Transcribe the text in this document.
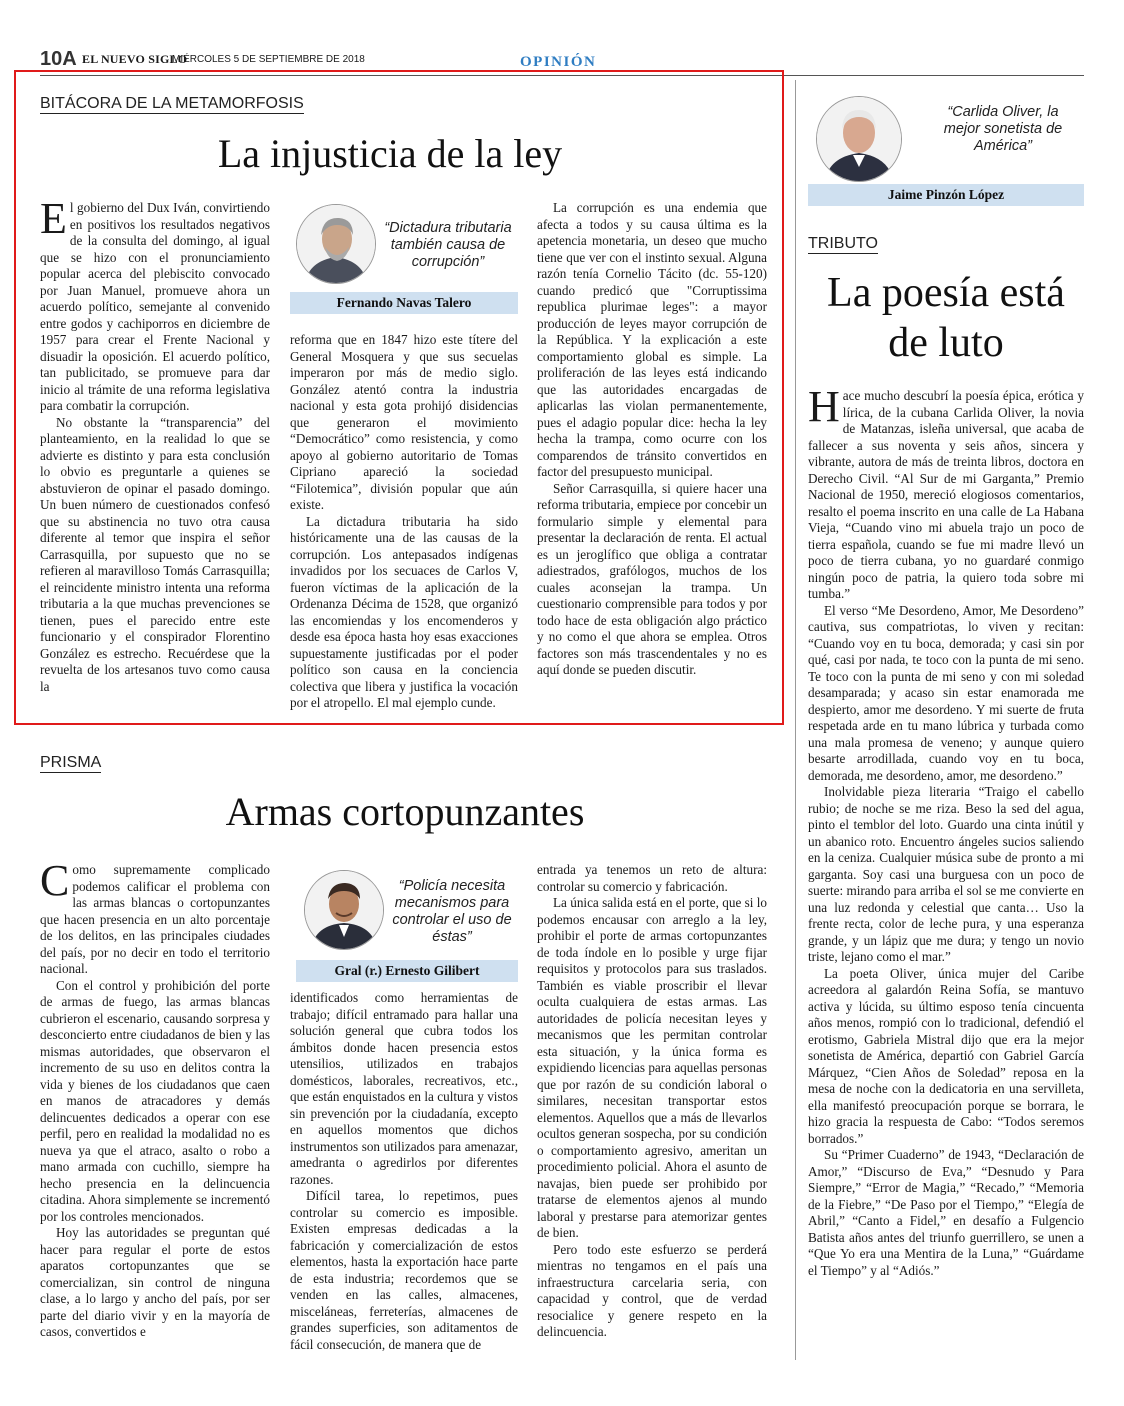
10A EL NUEVO SIGLO
MIÉRCOLES 5 DE SEPTIEMBRE DE 2018	OPINIÓN
BITÁCORA DE LA METAMORFOSIS
La injusticia de la ley

El gobierno del Dux Iván, convirtiendo en positivos los resultados negativos de la consulta del domingo, al igual que se hizo con el pronunciamiento popular acerca del plebiscito convocado por Juan Manuel, promueve ahora un acuerdo político, semejante al convenido entre godos y cachiporros en diciembre de 1957 para crear el Frente Nacional y disuadir la oposición. El acuerdo político, tan publicitado, se promueve para dar inicio al trámite de una reforma legislativa para combatir la corrupción.

No obstante la “transparencia” del planteamiento, en la realidad lo que se advierte es distinto y para esta conclusión lo obvio es preguntarle a quienes se abstuvieron de opinar el pasado domingo. Un buen número de cuestionados confesó que su abstinencia no tuvo otra causa diferente al temor que inspira el señor Carrasquilla, por supuesto que no se refieren al maravilloso Tomás Carrasquilla; el reincidente ministro intenta una reforma tributaria a la que muchas prevenciones se tienen, pues el parecido entre este funcionario y el conspirador Florentino González es estrecho. Recuérdese que la revuelta de los artesanos tuvo como causa la

“Dictadura tributaria también causa de corrupción”
Fernando Navas Talero

reforma que en 1847 hizo este títere del General Mosquera y que sus secuelas imperaron por más de medio siglo. González atentó contra la industria nacional y esta gota prohijó disidencias que generaron el movimiento “Democrático” como resistencia, y como apoyo al gobierno autoritario de Tomas Cipriano apareció la sociedad “Filotemica”, división popular que aún existe.

La dictadura tributaria ha sido históricamente una de las causas de la corrupción. Los antepasados indígenas invadidos por los secuaces de Carlos V, fueron víctimas de la aplicación de la Ordenanza Décima de 1528, que organizó las encomiendas y los encomenderos y desde esa época hasta hoy esas exacciones supuestamente justificadas por el poder político son causa en la conciencia colectiva que libera y justifica la vocación por el atropello. El mal ejemplo cunde.

La corrupción es una endemia que afecta a todos y su causa última es la apetencia monetaria, un deseo que mucho tiene que ver con el instinto sexual. Alguna razón tenía Cornelio Tácito (dc. 55-120) cuando predicó que "Corruptissima republica plurimae leges": a mayor producción de leyes mayor corrupción de la República. Y la explicación a este comportamiento global es simple. La proliferación de las leyes está indicando que las autoridades encargadas de aplicarlas las violan permanentemente, pues el adagio popular dice: hecha la ley hecha la trampa, como ocurre con los comparendos de tránsito convertidos en factor del presupuesto municipal.

Señor Carrasquilla, si quiere hacer una reforma tributaria, empiece por concebir un formulario simple y elemental para presentar la declaración de renta. El actual es un jeroglífico que obliga a contratar adiestrados, grafólogos, muchos de los cuales aconsejan la trampa. Un cuestionario comprensible para todos y por todo hace de esta obligación algo práctico y no como el que ahora se emplea. Otros factores son más trascendentales y no es aquí donde se pueden discutir.

PRISMA
Armas cortopunzantes

Como supremamente complicado podemos calificar el problema con las armas blancas o cortopunzantes que hacen presencia en un alto porcentaje de los delitos, en las principales ciudades del país, por no decir en todo el territorio nacional.

Con el control y prohibición del porte de armas de fuego, las armas blancas cubrieron el escenario, causando sorpresa y desconcierto entre ciudadanos de bien y las mismas autoridades, que observaron el incremento de su uso en delitos contra la vida y bienes de los ciudadanos que caen en manos de atracadores y demás delincuentes dedicados a operar con ese perfil, pero en realidad la modalidad no es nueva ya que el atraco, asalto o robo a mano armada con cuchillo, siempre ha hecho presencia en la delincuencia citadina. Ahora simplemente se incrementó por los controles mencionados.

Hoy las autoridades se preguntan qué hacer para regular el porte de estos aparatos cortopunzantes que se comercializan, sin control de ninguna clase, a lo largo y ancho del país, por ser parte del diario vivir y en la mayoría de casos, convertidos e

“Policía necesita mecanismos para controlar el uso de éstas”
Gral (r.) Ernesto Gilibert

identificados como herramientas de trabajo; difícil entramado para hallar una solución general que cubra todos los ámbitos donde hacen presencia estos utensilios, utilizados en trabajos domésticos, laborales, recreativos, etc., que están enquistados en la cultura y vistos sin prevención por la ciudadanía, excepto en aquellos momentos que dichos instrumentos son utilizados para amenazar, amedranta o agredirlos por diferentes razones.

Difícil tarea, lo repetimos, pues controlar su comercio es imposible. Existen empresas dedicadas a la fabricación y comercialización de estos elementos, hasta la exportación hace parte de esta industria; recordemos que se venden en las calles, almacenes, misceláneas, ferreterías, almacenes de grandes superficies, son aditamentos de fácil consecución, de manera que de

entrada ya tenemos un reto de altura: controlar su comercio y fabricación.

La única salida está en el porte, que si lo podemos encausar con arreglo a la ley, prohibir el porte de armas cortopunzantes de toda índole en lo posible y urge fijar requisitos y protocolos para sus traslados. También es viable proscribir el llevar oculta cualquiera de estas armas. Las autoridades de policía necesitan leyes y mecanismos que les permitan controlar esta situación, y la única forma es expidiendo licencias para aquellas personas que por razón de su condición laboral o similares, necesitan transportar estos elementos. Aquellos que a más de llevarlos ocultos generan sospecha, por su condición o comportamiento agresivo, ameritan un procedimiento policial. Ahora el asunto de navajas, bien puede ser prohibido por tratarse de elementos ajenos al mundo laboral y prestarse para atemorizar gentes de bien.

Pero todo este esfuerzo se perderá mientras no tengamos en el país una infraestructura carcelaria seria, con capacidad y control, que de verdad resocialice y genere respeto en la delincuencia.

“Carlida Oliver, la mejor sonetista de América”
Jaime Pinzón López
TRIBUTO
La poesía está de luto

Hace mucho descubrí la poesía épica, erótica y lírica, de la cubana Carlida Oliver, la novia de Matanzas, isleña universal, que acaba de fallecer a sus noventa y seis años, sincera y vibrante, autora de más de treinta libros, doctora en Derecho Civil. “Al Sur de mi Garganta,” Premio Nacional de 1950, mereció elogiosos comentarios, resalto el poema inscrito en una calle de La Habana Vieja, “Cuando vino mi abuela trajo un poco de tierra española, cuando se fue mi madre llevó un poco de tierra cubana, yo no guardaré conmigo ningún poco de patria, la quiero toda sobre mi tumba.”

El verso “Me Desordeno, Amor, Me Desordeno” cautiva, sus compatriotas, lo viven y recitan: “Cuando voy en tu boca, demorada; y casi sin por qué, casi por nada, te toco con la punta de mi seno. Te toco con la punta de mi seno y con mi soledad desamparada; y acaso sin estar enamorada me despierto, amor me desordeno. Y mi suerte de fruta respetada arde en tu mano lúbrica y turbada como una mala promesa de veneno; y aunque quiero besarte arrodillada, cuando voy en tu boca, demorada, me desordeno, amor, me desordeno.”

Inolvidable pieza literaria “Traigo el cabello rubio; de noche se me riza. Beso la sed del agua, pinto el temblor del loto. Guardo una cinta inútil y un abanico roto. Encuentro ángeles sucios saliendo en la ceniza. Cualquier música sube de pronto a mi garganta. Soy casi una burguesa con un poco de suerte: mirando para arriba el sol se me convierte en una luz redonda y celestial que canta… Uso la frente recta, color de leche pura, y una esperanza grande, y un lápiz que me dura; y tengo un novio triste, lejano como el mar.”

La poeta Oliver, única mujer del Caribe acreedora al galardón Reina Sofía, se mantuvo activa y lúcida, su último esposo tenía cincuenta años menos, rompió con lo tradicional, defendió el erotismo, Gabriela Mistral dijo que era la mejor sonetista de América, departió con Gabriel García Márquez, “Cien Años de Soledad” reposa en la mesa de noche con la dedicatoria en una servilleta, ella manifestó preocupación porque se borrara, le hizo gracia la respuesta de Cabo: “Todos seremos borrados.”

Su “Primer Cuaderno” de 1943, “Declaración de Amor,” “Discurso de Eva,” “Desnudo y Para Siempre,” “Error de Magia,” “Recado,” “Memoria de la Fiebre,” “De Paso por el Tiempo,” “Elegía de Abril,” “Canto a Fidel,” en desafío a Fulgencio Batista años antes del triunfo guerrillero, se unen a “Que Yo era una Mentira de la Luna,” “Guárdame el Tiempo” y al “Adiós.”
